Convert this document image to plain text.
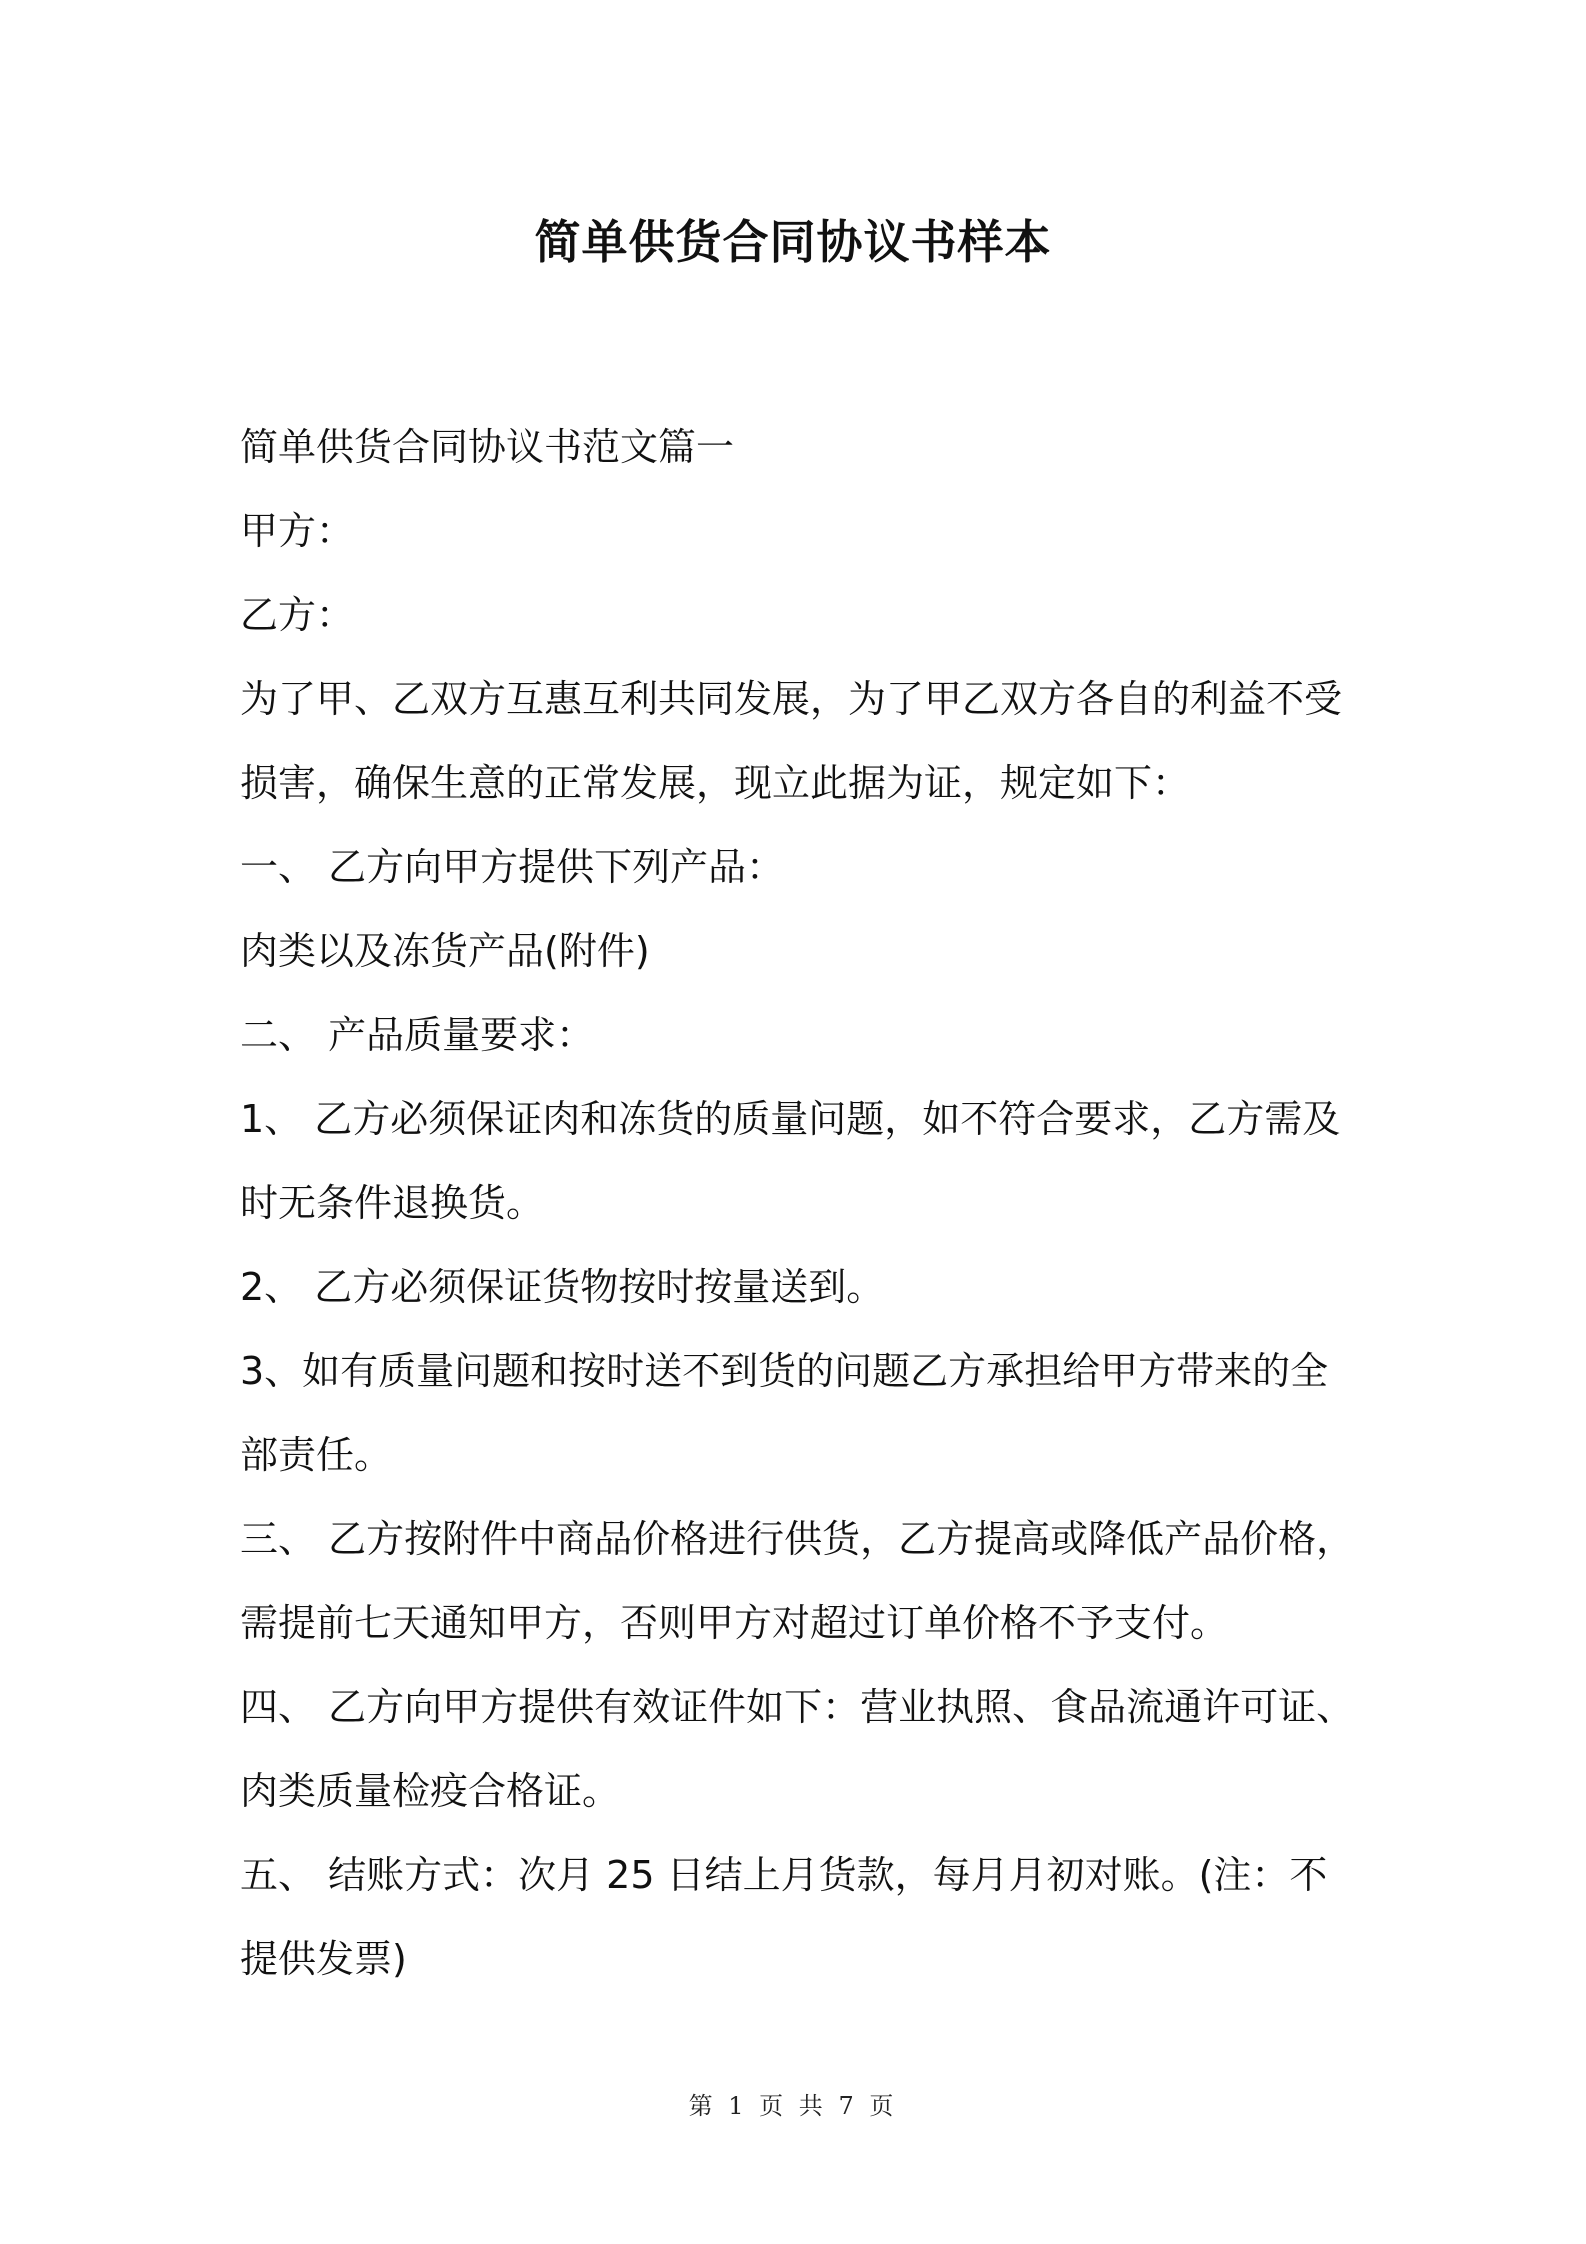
简单供货合同协议书样本

简单供货合同协议书范文篇一

甲方：

乙方：

为了甲、乙双方互惠互利共同发展，为了甲乙双方各自的利益不受损害，确保生意的正常发展，现立此据为证，规定如下：

一、 乙方向甲方提供下列产品：

肉类以及冻货产品(附件)

二、 产品质量要求：

1、 乙方必须保证肉和冻货的质量问题，如不符合要求，乙方需及时无条件退换货。

2、 乙方必须保证货物按时按量送到。

3、如有质量问题和按时送不到货的问题乙方承担给甲方带来的全部责任。

三、 乙方按附件中商品价格进行供货，乙方提高或降低产品价格，需提前七天通知甲方，否则甲方对超过订单价格不予支付。

四、 乙方向甲方提供有效证件如下：营业执照、食品流通许可证、肉类质量检疫合格证。

五、 结账方式：次月 25 日结上月货款，每月月初对账。(注：不提供发票)

第 1 页 共 7 页
